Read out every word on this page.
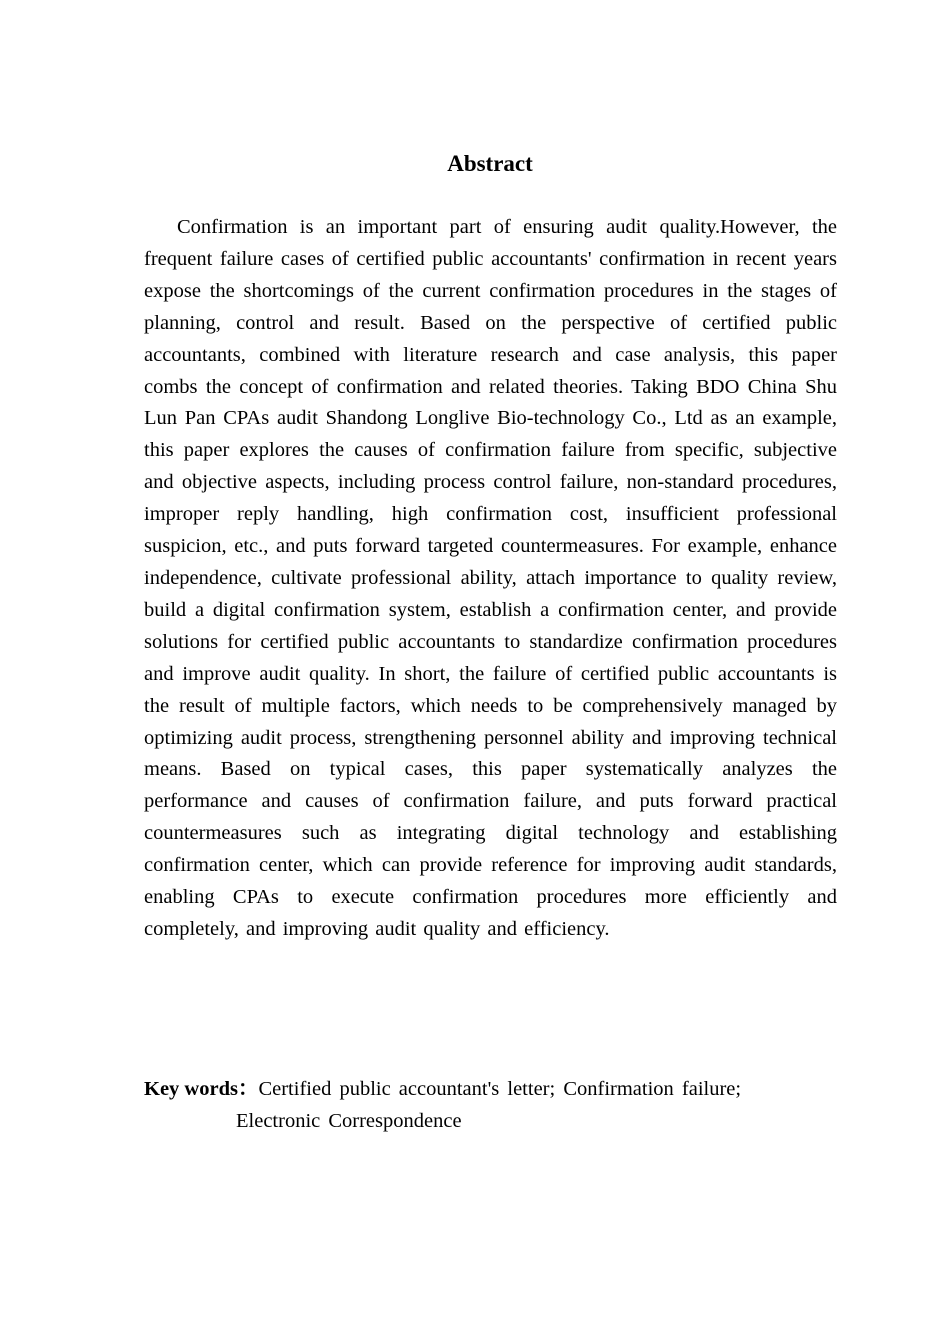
Abstract

Confirmation is an important part of ensuring audit quality.However, the frequent failure cases of certified public accountants' confirmation in recent years expose the shortcomings of the current confirmation procedures in the stages of planning, control and result. Based on the perspective of certified public accountants, combined with literature research and case analysis, this paper combs the concept of confirmation and related theories. Taking BDO China Shu Lun Pan CPAs audit Shandong Longlive Bio-technology Co., Ltd as an example, this paper explores the causes of confirmation failure from specific, subjective and objective aspects, including process control failure, non-standard procedures, improper reply handling, high confirmation cost, insufficient professional suspicion, etc., and puts forward targeted countermeasures. For example, enhance independence, cultivate professional ability, attach importance to quality review, build a digital confirmation system, establish a confirmation center, and provide solutions for certified public accountants to standardize confirmation procedures and improve audit quality. In short, the failure of certified public accountants is the result of multiple factors, which needs to be comprehensively managed by optimizing audit process, strengthening personnel ability and improving technical means. Based on typical cases, this paper systematically analyzes the performance and causes of confirmation failure, and puts forward practical countermeasures such as integrating digital technology and establishing confirmation center, which can provide reference for improving audit standards, enabling CPAs to execute confirmation procedures more efficiently and completely, and improving audit quality and efficiency.

Key words：Certified public accountant's letter; Confirmation failure;
Electronic Correspondence
